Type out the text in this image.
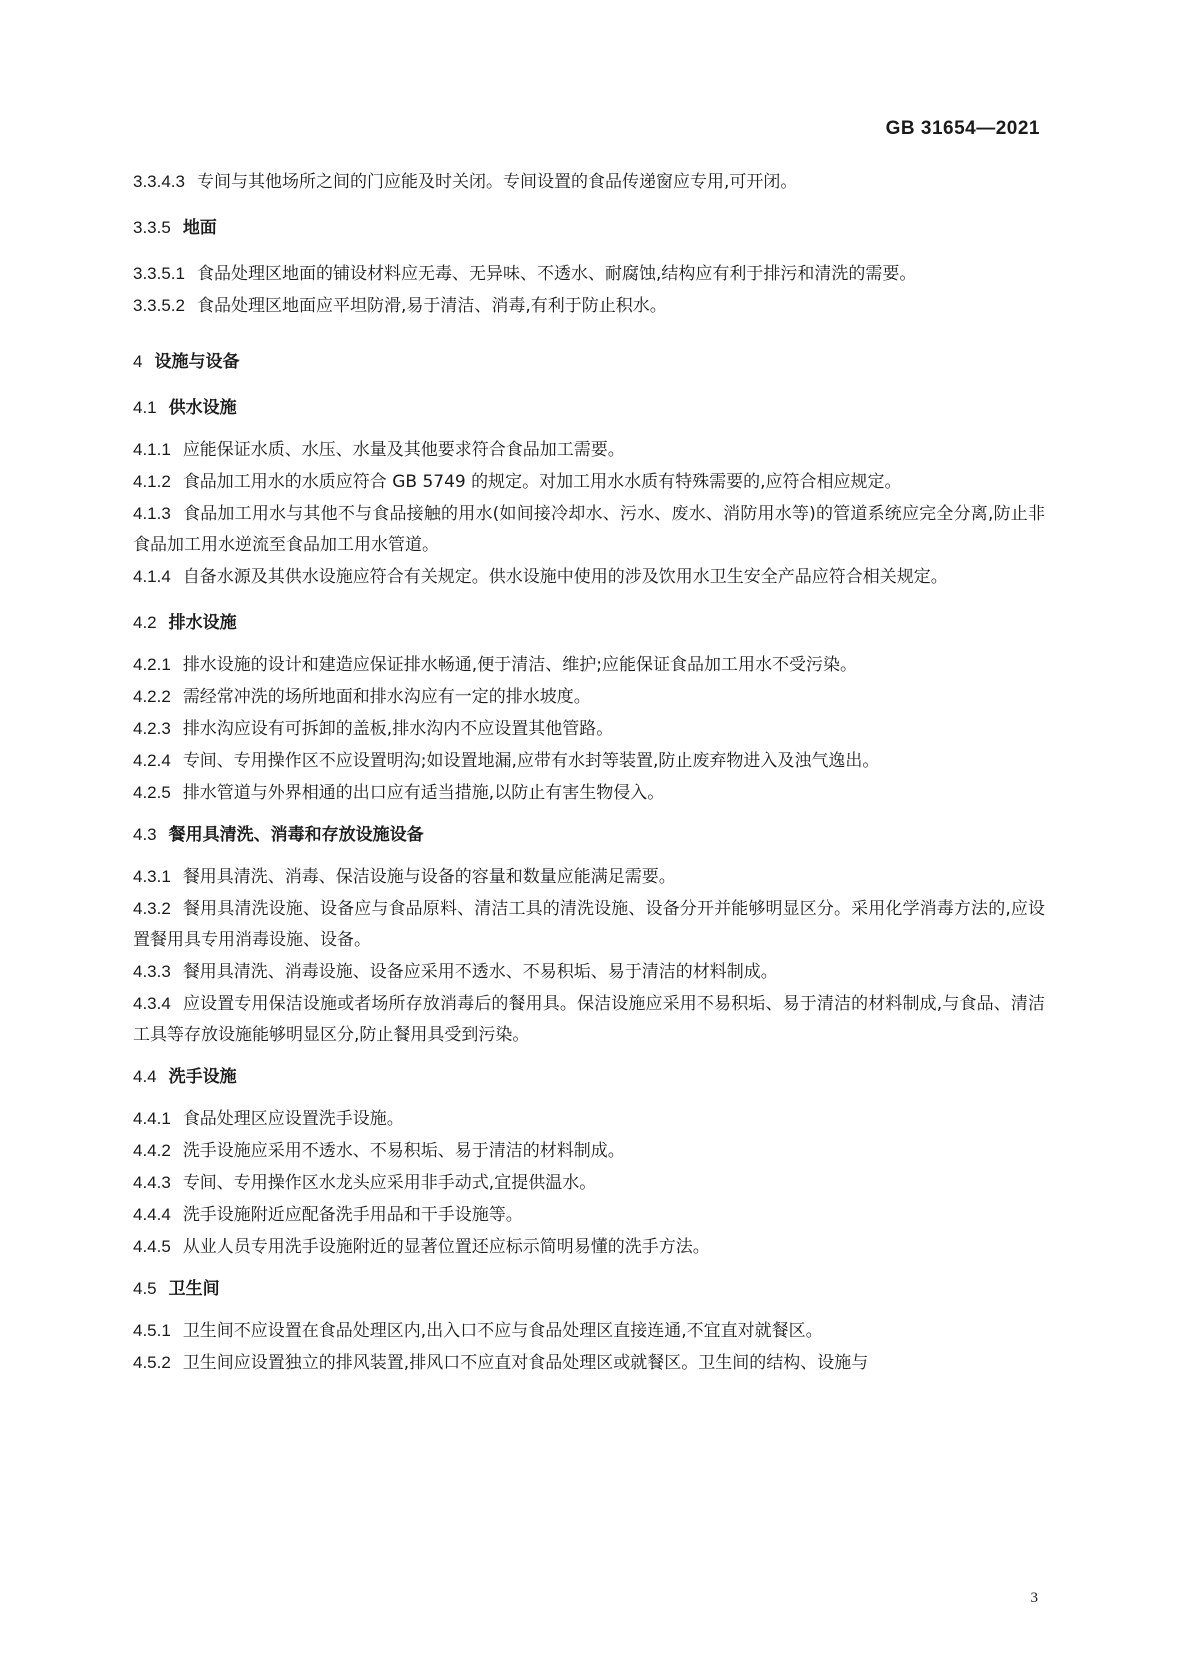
GB 31654—2021

3.3.4.3 专间与其他场所之间的门应能及时关闭。专间设置的食品传递窗应专用,可开闭。

3.3.5 地面

3.3.5.1 食品处理区地面的铺设材料应无毒、无异味、不透水、耐腐蚀,结构应有利于排污和清洗的需要。

3.3.5.2 食品处理区地面应平坦防滑,易于清洁、消毒,有利于防止积水。

4 设施与设备

4.1 供水设施

4.1.1 应能保证水质、水压、水量及其他要求符合食品加工需要。

4.1.2 食品加工用水的水质应符合 GB 5749 的规定。对加工用水水质有特殊需要的,应符合相应规定。

4.1.3 食品加工用水与其他不与食品接触的用水(如间接冷却水、污水、废水、消防用水等)的管道系统应完全分离,防止非食品加工用水逆流至食品加工用水管道。

4.1.4 自备水源及其供水设施应符合有关规定。供水设施中使用的涉及饮用水卫生安全产品应符合相关规定。

4.2 排水设施

4.2.1 排水设施的设计和建造应保证排水畅通,便于清洁、维护;应能保证食品加工用水不受污染。

4.2.2 需经常冲洗的场所地面和排水沟应有一定的排水坡度。

4.2.3 排水沟应设有可拆卸的盖板,排水沟内不应设置其他管路。

4.2.4 专间、专用操作区不应设置明沟;如设置地漏,应带有水封等装置,防止废弃物进入及浊气逸出。

4.2.5 排水管道与外界相通的出口应有适当措施,以防止有害生物侵入。

4.3 餐用具清洗、消毒和存放设施设备

4.3.1 餐用具清洗、消毒、保洁设施与设备的容量和数量应能满足需要。

4.3.2 餐用具清洗设施、设备应与食品原料、清洁工具的清洗设施、设备分开并能够明显区分。采用化学消毒方法的,应设置餐用具专用消毒设施、设备。

4.3.3 餐用具清洗、消毒设施、设备应采用不透水、不易积垢、易于清洁的材料制成。

4.3.4 应设置专用保洁设施或者场所存放消毒后的餐用具。保洁设施应采用不易积垢、易于清洁的材料制成,与食品、清洁工具等存放设施能够明显区分,防止餐用具受到污染。

4.4 洗手设施

4.4.1 食品处理区应设置洗手设施。

4.4.2 洗手设施应采用不透水、不易积垢、易于清洁的材料制成。

4.4.3 专间、专用操作区水龙头应采用非手动式,宜提供温水。

4.4.4 洗手设施附近应配备洗手用品和干手设施等。

4.4.5 从业人员专用洗手设施附近的显著位置还应标示简明易懂的洗手方法。

4.5 卫生间

4.5.1 卫生间不应设置在食品处理区内,出入口不应与食品处理区直接连通,不宜直对就餐区。

4.5.2 卫生间应设置独立的排风装置,排风口不应直对食品处理区或就餐区。卫生间的结构、设施与

3
